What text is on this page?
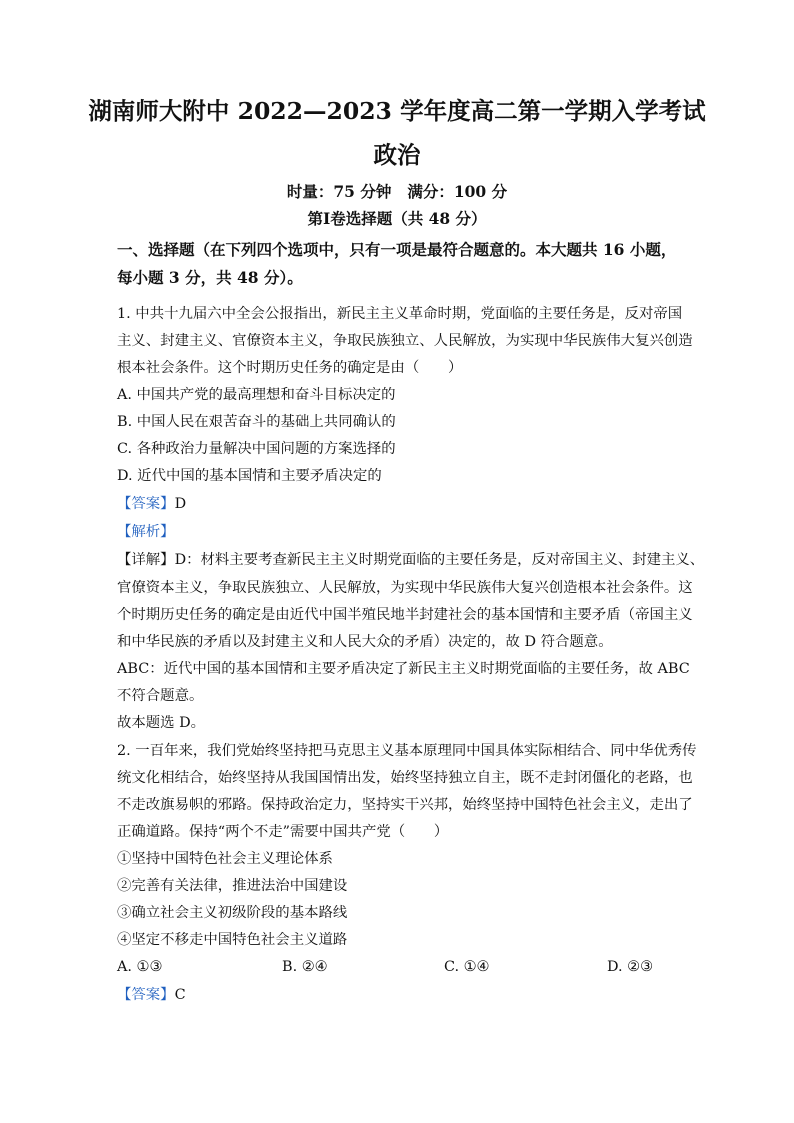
湖南师大附中 2022—2023 学年度高二第一学期入学考试
政治
时量：75 分钟 满分：100 分
第Ⅰ卷选择题（共 48 分）
一、选择题（在下列四个选项中，只有一项是最符合题意的。本大题共 16 小题，
每小题 3 分，共 48 分）。
1. 中共十九届六中全会公报指出，新民主主义革命时期，党面临的主要任务是，反对帝国
主义、封建主义、官僚资本主义，争取民族独立、人民解放，为实现中华民族伟大复兴创造
根本社会条件。这个时期历史任务的确定是由（　　）
A. 中国共产党的最高理想和奋斗目标决定的
B. 中国人民在艰苦奋斗的基础上共同确认的
C. 各种政治力量解决中国问题的方案选择的
D. 近代中国的基本国情和主要矛盾决定的
【答案】D
【解析】
【详解】D：材料主要考查新民主主义时期党面临的主要任务是，反对帝国主义、封建主义、
官僚资本主义，争取民族独立、人民解放，为实现中华民族伟大复兴创造根本社会条件。这
个时期历史任务的确定是由近代中国半殖民地半封建社会的基本国情和主要矛盾（帝国主义
和中华民族的矛盾以及封建主义和人民大众的矛盾）决定的，故 D 符合题意。
ABC：近代中国的基本国情和主要矛盾决定了新民主主义时期党面临的主要任务，故 ABC
不符合题意。
故本题选 D。
2. 一百年来，我们党始终坚持把马克思主义基本原理同中国具体实际相结合、同中华优秀传
统文化相结合，始终坚持从我国国情出发，始终坚持独立自主，既不走封闭僵化的老路，也
不走改旗易帜的邪路。保持政治定力，坚持实干兴邦，始终坚持中国特色社会主义，走出了
正确道路。保持“两个不走”需要中国共产党（　　）
①坚持中国特色社会主义理论体系
②完善有关法律，推进法治中国建设
③确立社会主义初级阶段的基本路线
④坚定不移走中国特色社会主义道路
A. ①③	B. ②④	C. ①④	D. ②③
【答案】C
